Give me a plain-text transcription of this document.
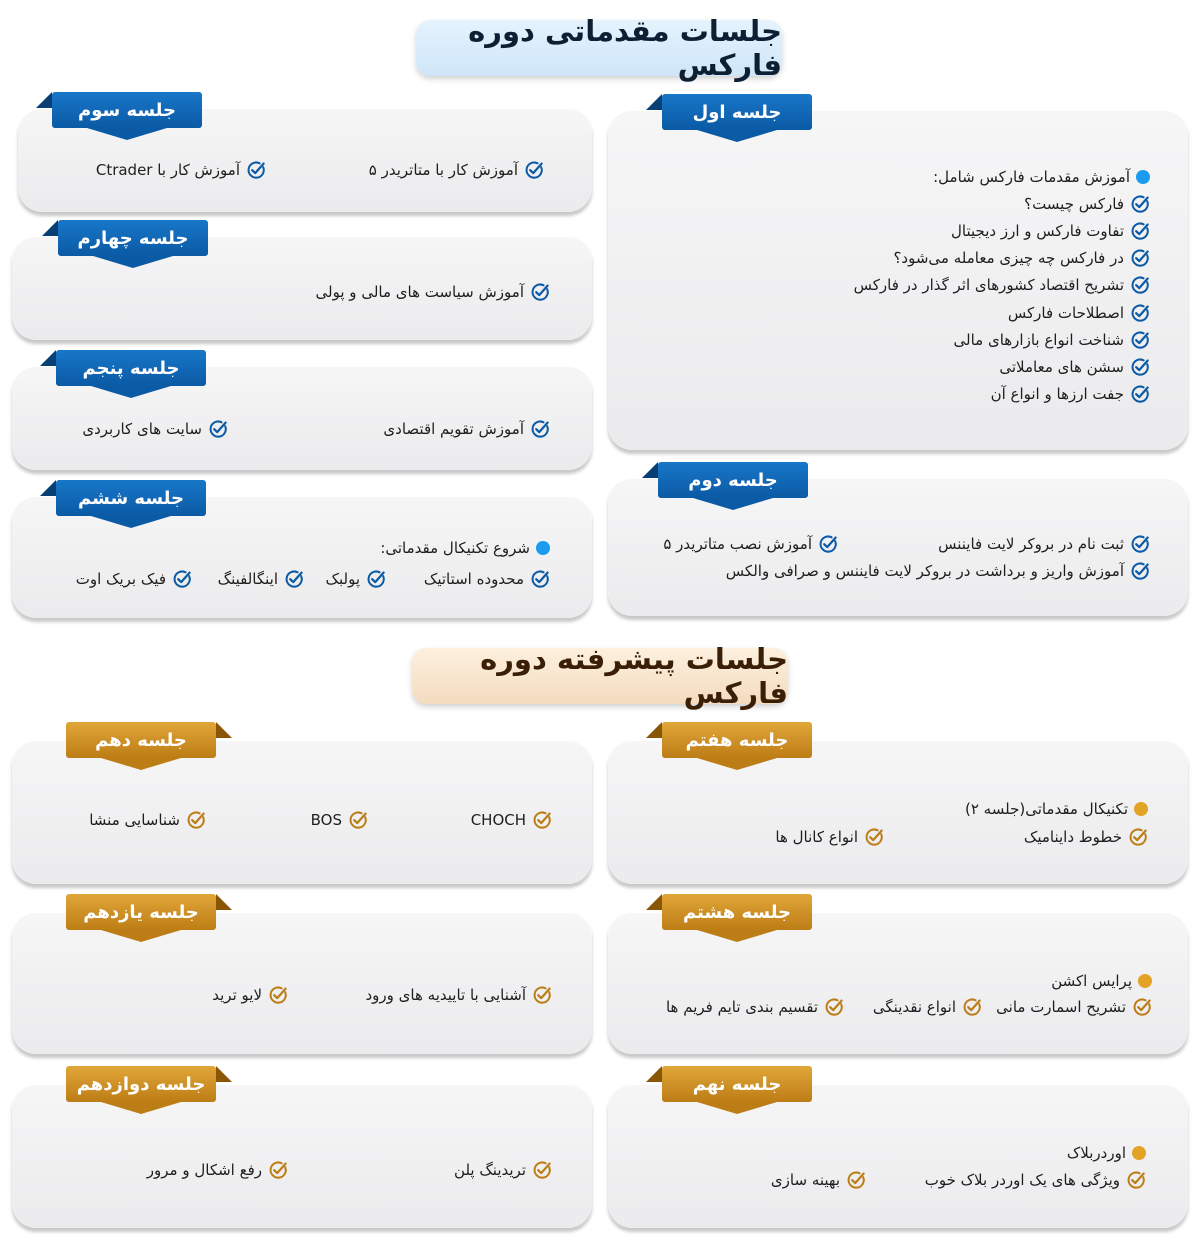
جلسات مقدماتی دوره فارکس
جلسه اول
آموزش مقدمات فارکس شامل:
فارکس چیست؟
تفاوت فارکس و ارز دیجیتال
در فارکس چه چیزی معامله می‌شود؟
تشریح اقتصاد کشورهای اثر گذار در فارکس
اصطلاحات فارکس
شناخت انواع بازارهای مالی
سشن های معاملاتی
جفت ارزها و انواع آن
جلسه دوم
ثبت نام در بروکر لایت فایننس
آموزش نصب متاتریدر ۵
آموزش واریز و برداشت در بروکر لایت فایننس و صرافی والکس
جلسه سوم
آموزش کار با متاتریدر ۵
آموزش کار با Ctrader
جلسه چهارم
آموزش سیاست های مالی و پولی
جلسه پنجم
آموزش تقویم اقتصادی
سایت های کاربردی
جلسه ششم
شروع تکنیکال مقدماتی:
محدوده استاتیک
پولبک
اینگالفینگ
فیک بریک اوت
جلسات پیشرفته دوره فارکس
جلسه هفتم
تکنیکال مقدماتی(جلسه ۲)
خطوط داینامیک
انواع کانال ها
جلسه هشتم
پرایس اکشن
تشریح اسمارت مانی
انواع نقدینگی
تقسیم بندی تایم فریم ها
جلسه نهم
اوردربلاک
ویژگی های یک اوردر بلاک خوب
بهینه سازی
جلسه دهم
CHOCH
BOS
شناسایی منشا
جلسه یازدهم
آشنایی با تاییدیه های ورود
لایو ترید
جلسه دوازدهم
تریدینگ پلن
رفع اشکال و مرور
